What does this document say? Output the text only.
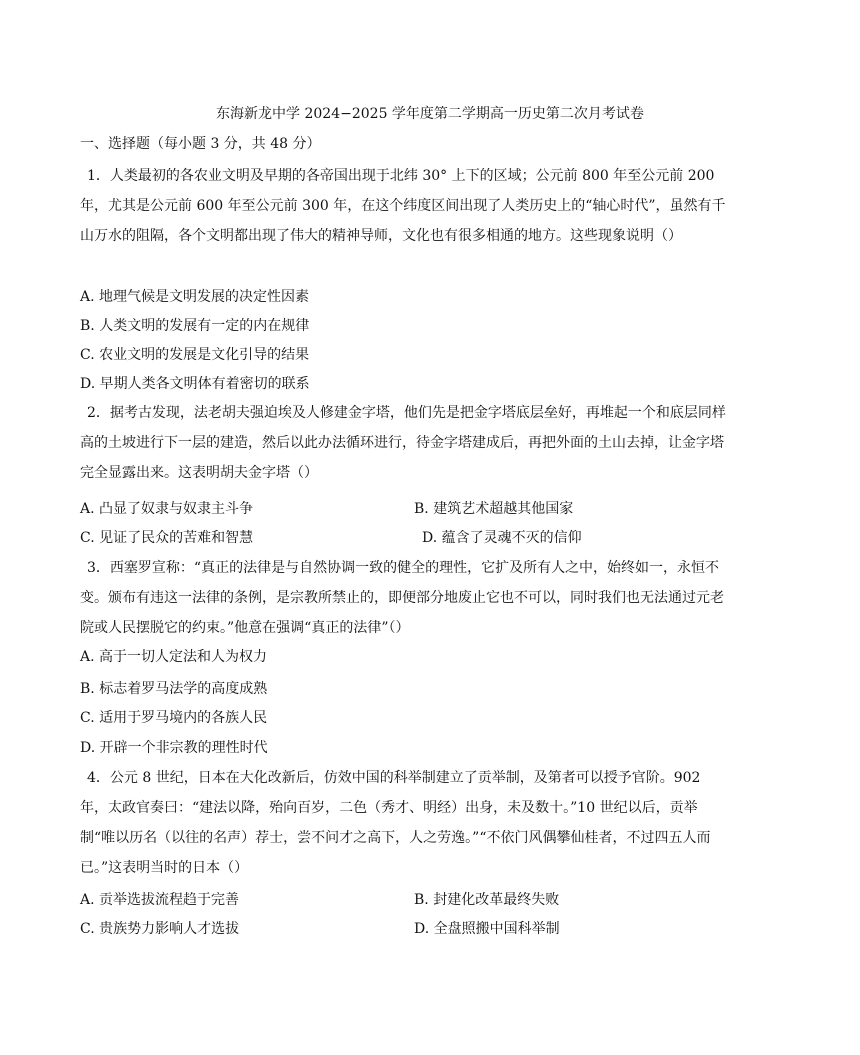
东海新龙中学 2024−2025 学年度第二学期高一历史第二次月考试卷
一、选择题（每小题 3 分，共 48 分）

1．人类最初的各农业文明及早期的各帝国出现于北纬 30° 上下的区域；公元前 800 年至公元前 200 年，尤其是公元前 600 年至公元前 300 年，在这个纬度区间出现了人类历史上的“轴心时代”，虽然有千山万水的阻隔，各个文明都出现了伟大的精神导师，文化也有很多相通的地方。这些现象说明（）

A. 地理气候是文明发展的决定性因素
B. 人类文明的发展有一定的内在规律
C. 农业文明的发展是文化引导的结果
D. 早期人类各文明体有着密切的联系

2．据考古发现，法老胡夫强迫埃及人修建金字塔，他们先是把金字塔底层垒好，再堆起一个和底层同样高的土坡进行下一层的建造，然后以此办法循环进行，待金字塔建成后，再把外面的土山去掉，让金字塔完全显露出来。这表明胡夫金字塔（）

A. 凸显了奴隶与奴隶主斗争	B. 建筑艺术超越其他国家
C. 见证了民众的苦难和智慧	D. 蕴含了灵魂不灭的信仰

3．西塞罗宣称：“真正的法律是与自然协调一致的健全的理性，它扩及所有人之中，始终如一，永恒不变。颁布有违这一法律的条例，是宗教所禁止的，即便部分地废止它也不可以，同时我们也无法通过元老院或人民摆脱它的约束。”他意在强调“真正的法律”（）

A. 高于一切人定法和人为权力
B. 标志着罗马法学的高度成熟
C. 适用于罗马境内的各族人民
D. 开辟一个非宗教的理性时代

4．公元 8 世纪，日本在大化改新后，仿效中国的科举制建立了贡举制，及第者可以授予官阶。902 年，太政官奏曰：“建法以降，殆向百岁，二色（秀才、明经）出身，未及数十。”10 世纪以后，贡举制“唯以历名（以往的名声）荐士，尝不问才之高下，人之劳逸。”“不依门风偶攀仙桂者，不过四五人而已。”这表明当时的日本（）

A. 贡举选拔流程趋于完善	B. 封建化改革最终失败
C. 贵族势力影响人才选拔	D. 全盘照搬中国科举制
